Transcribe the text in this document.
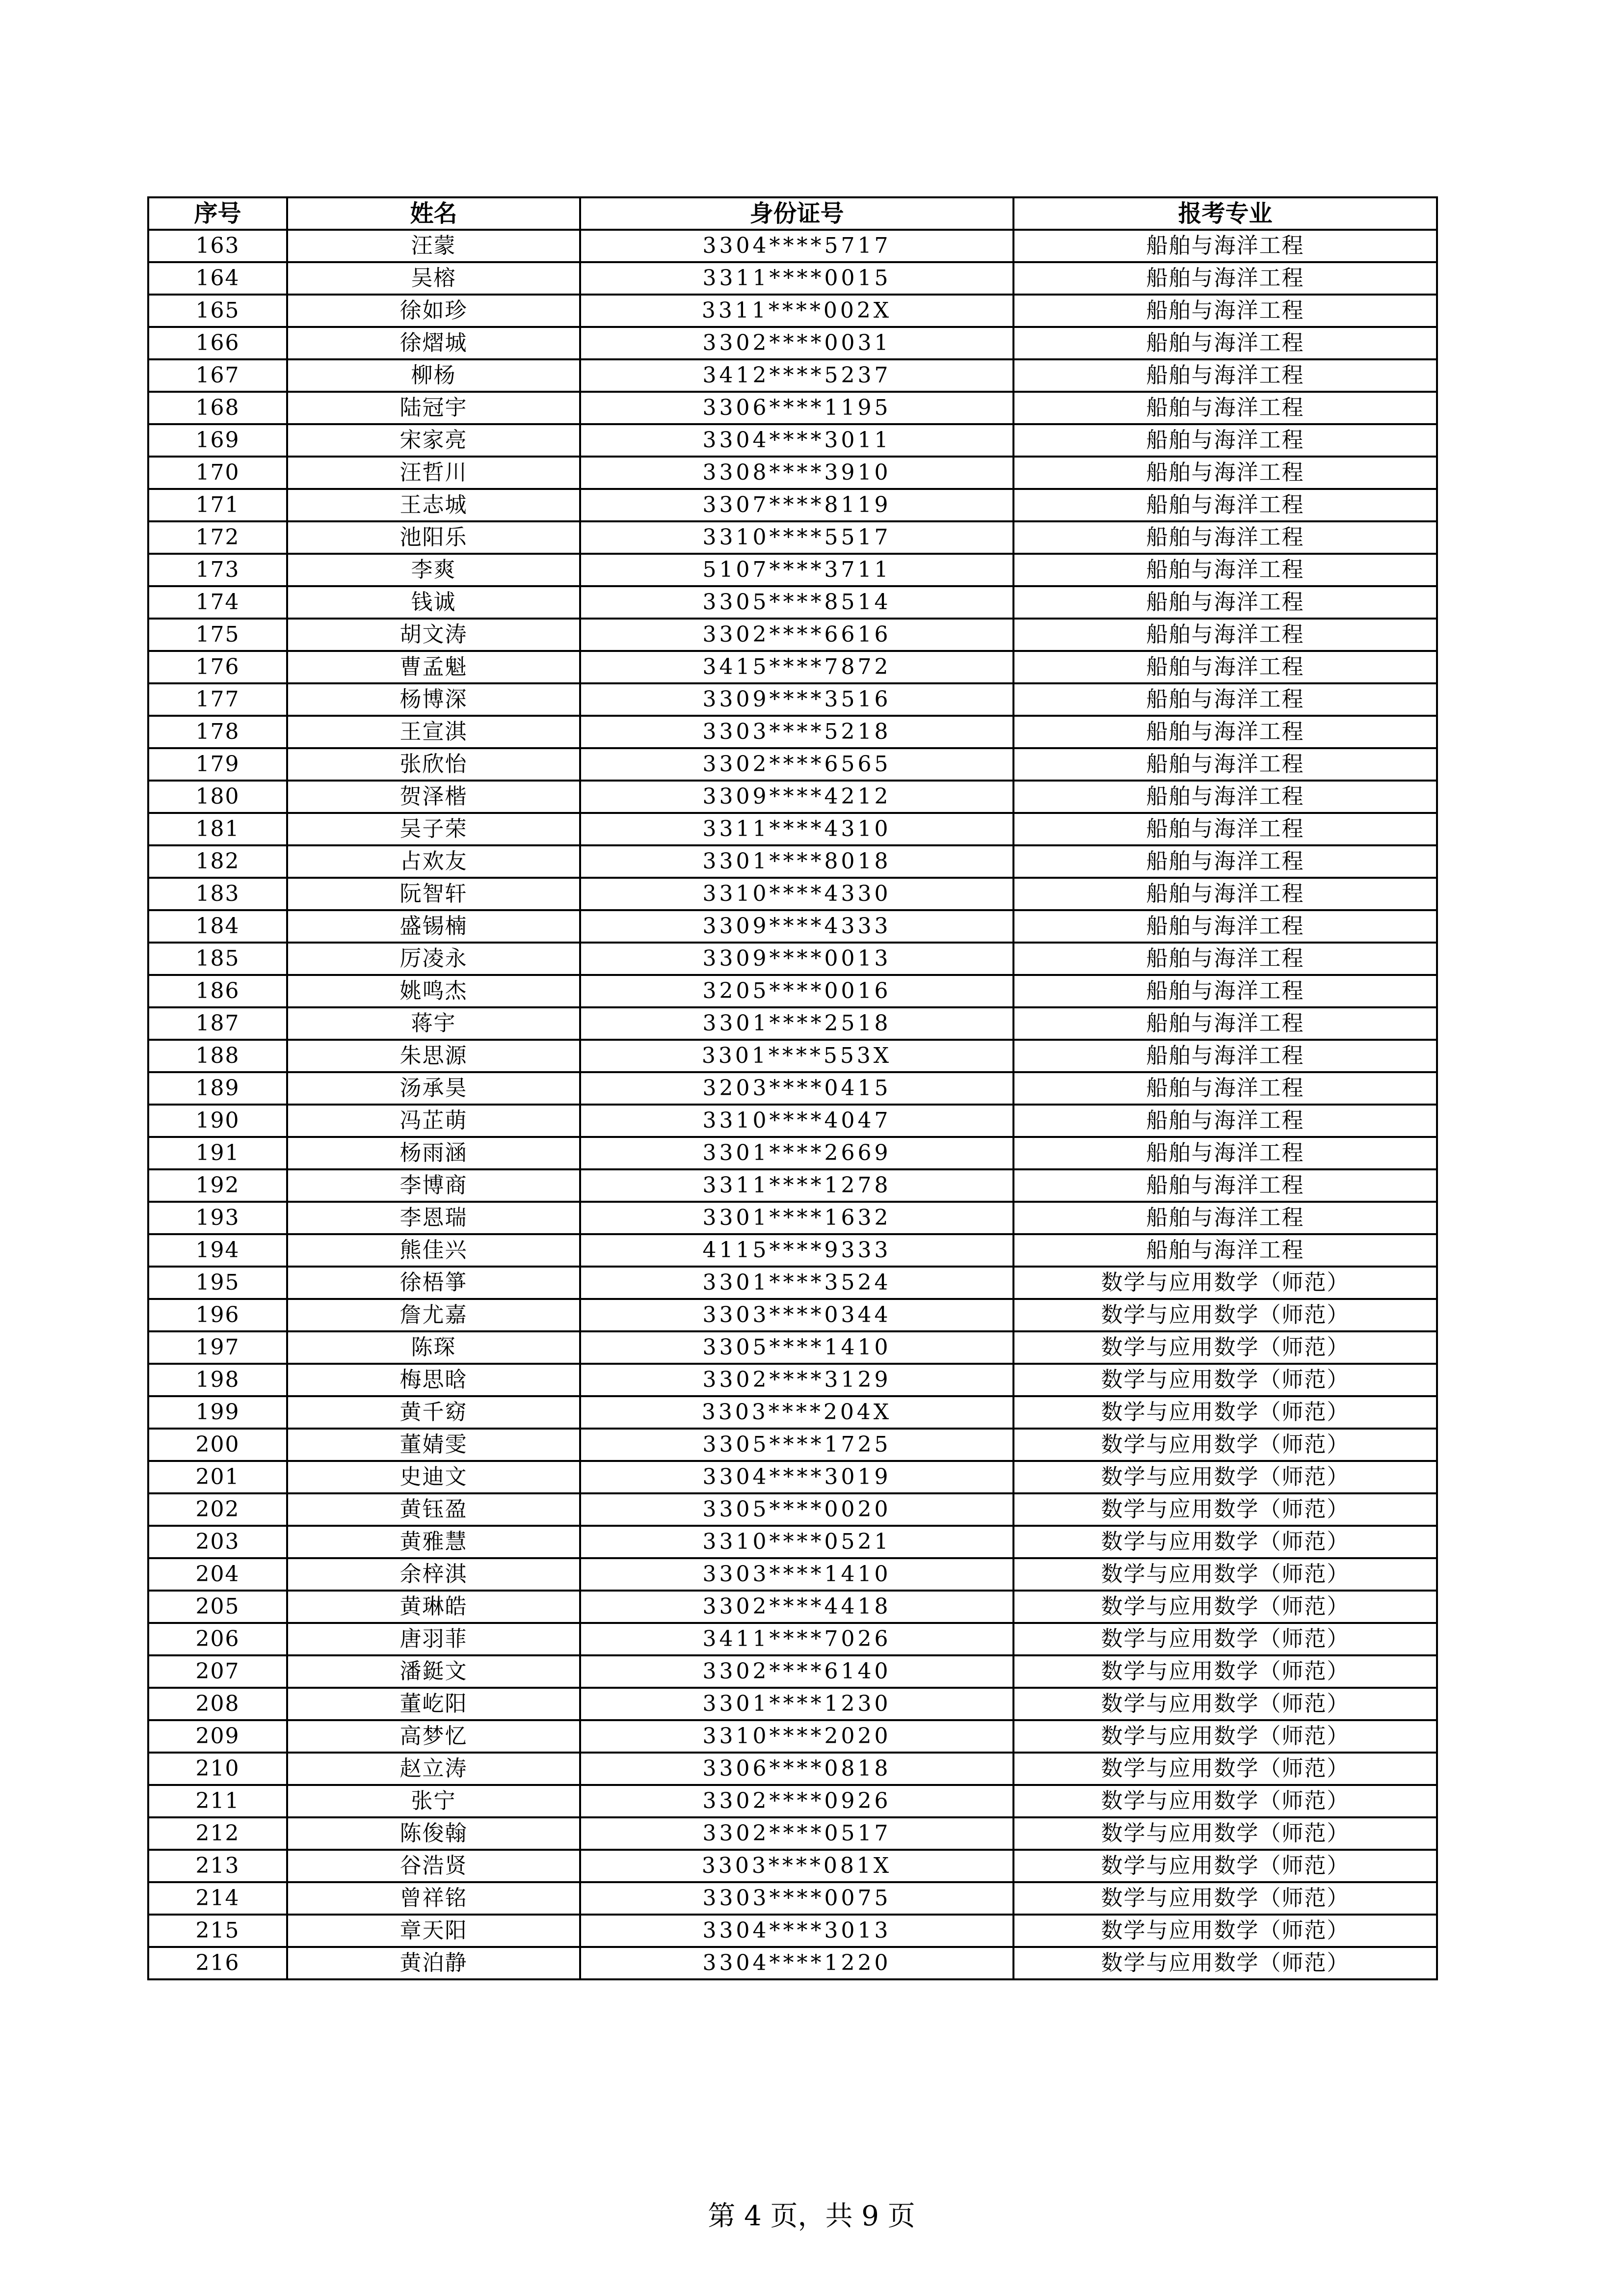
序号	姓名	身份证号	报考专业
163	汪蒙	3304****5717	船舶与海洋工程
164	吴榕	3311****0015	船舶与海洋工程
165	徐如珍	3311****002X	船舶与海洋工程
166	徐熠城	3302****0031	船舶与海洋工程
167	柳杨	3412****5237	船舶与海洋工程
168	陆冠宇	3306****1195	船舶与海洋工程
169	宋家亮	3304****3011	船舶与海洋工程
170	汪哲川	3308****3910	船舶与海洋工程
171	王志城	3307****8119	船舶与海洋工程
172	池阳乐	3310****5517	船舶与海洋工程
173	李爽	5107****3711	船舶与海洋工程
174	钱诚	3305****8514	船舶与海洋工程
175	胡文涛	3302****6616	船舶与海洋工程
176	曹孟魁	3415****7872	船舶与海洋工程
177	杨博深	3309****3516	船舶与海洋工程
178	王宣淇	3303****5218	船舶与海洋工程
179	张欣怡	3302****6565	船舶与海洋工程
180	贺泽楷	3309****4212	船舶与海洋工程
181	吴子荣	3311****4310	船舶与海洋工程
182	占欢友	3301****8018	船舶与海洋工程
183	阮智轩	3310****4330	船舶与海洋工程
184	盛锡楠	3309****4333	船舶与海洋工程
185	厉凌永	3309****0013	船舶与海洋工程
186	姚鸣杰	3205****0016	船舶与海洋工程
187	蒋宇	3301****2518	船舶与海洋工程
188	朱思源	3301****553X	船舶与海洋工程
189	汤承昊	3203****0415	船舶与海洋工程
190	冯芷萌	3310****4047	船舶与海洋工程
191	杨雨涵	3301****2669	船舶与海洋工程
192	李博商	3311****1278	船舶与海洋工程
193	李恩瑞	3301****1632	船舶与海洋工程
194	熊佳兴	4115****9333	船舶与海洋工程
195	徐梧箏	3301****3524	数学与应用数学（师范）
196	詹尤嘉	3303****0344	数学与应用数学（师范）
197	陈琛	3305****1410	数学与应用数学（师范）
198	梅思晗	3302****3129	数学与应用数学（师范）
199	黄千窈	3303****204X	数学与应用数学（师范）
200	董婧雯	3305****1725	数学与应用数学（师范）
201	史迪文	3304****3019	数学与应用数学（师范）
202	黄钰盈	3305****0020	数学与应用数学（师范）
203	黄雅慧	3310****0521	数学与应用数学（师范）
204	余梓淇	3303****1410	数学与应用数学（师范）
205	黄琳皓	3302****4418	数学与应用数学（师范）
206	唐羽菲	3411****7026	数学与应用数学（师范）
207	潘鋌文	3302****6140	数学与应用数学（师范）
208	董屹阳	3301****1230	数学与应用数学（师范）
209	高梦忆	3310****2020	数学与应用数学（师范）
210	赵立涛	3306****0818	数学与应用数学（师范）
211	张宁	3302****0926	数学与应用数学（师范）
212	陈俊翰	3302****0517	数学与应用数学（师范）
213	谷浩贤	3303****081X	数学与应用数学（师范）
214	曾祥铭	3303****0075	数学与应用数学（师范）
215	章天阳	3304****3013	数学与应用数学（师范）
216	黄泊静	3304****1220	数学与应用数学（师范）
第 4 页，共 9 页
